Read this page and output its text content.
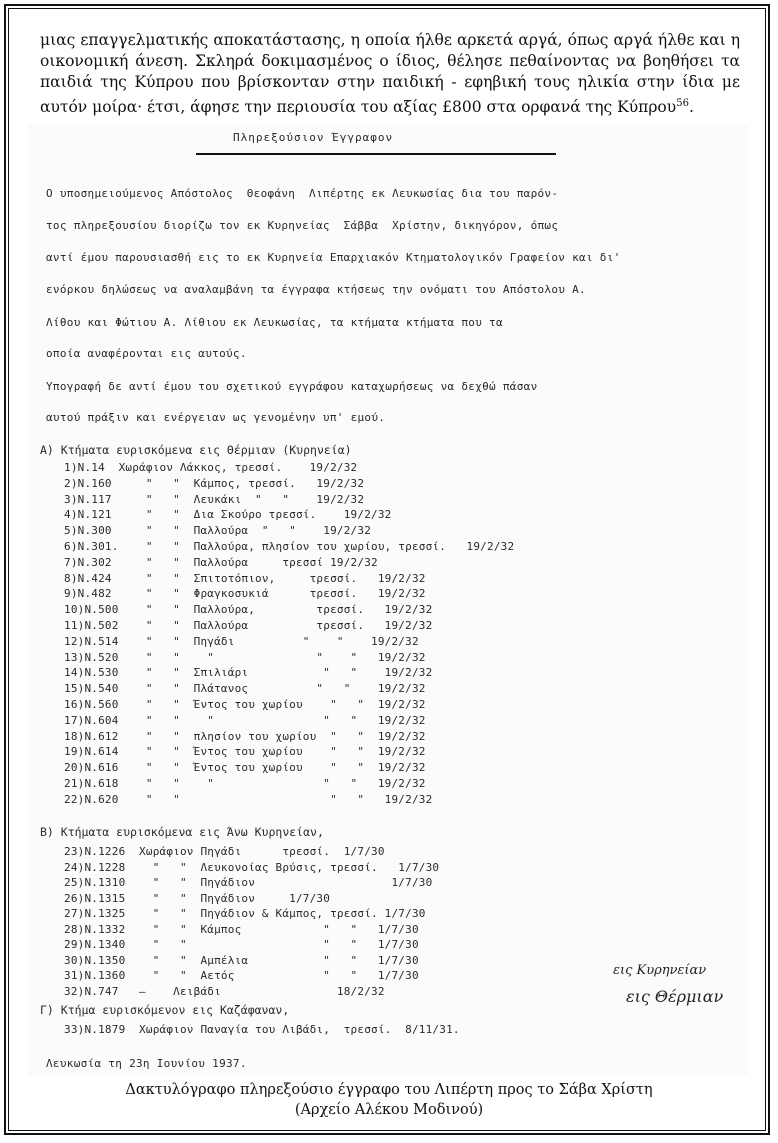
μιας επαγγελματικής αποκατάστασης, η οποία ήλθε αρκετά αργά, όπως αργά ήλθε και η οικονομική άνεση. Σκληρά δοκιμασμένος ο ίδιος, θέλησε πεθαίνοντας να βοηθήσει τα παιδιά της Κύπρου που βρίσκονταν στην παιδική - εφηβική τους ηλικία στην ίδια με αυτόν μοίρα· έτσι, άφησε την περιουσία του αξίας £800 στα ορφανά της Κύπρου$^{56}$.
Πληρεξούσιον Έγγραφον
Ο υποσημειούμενος Απόστολος  Θεοφάνη  Λιπέρτης εκ Λευκωσίας δια του παρόν-
τος πληρεξουσίου διορίζω τον εκ Κυρηνείας  Σάββα  Χρίστην, δικηγόρον, όπως
αντί έμου παρουσιασθή εις το εκ Κυρηνεία Επαρχιακόν Κτηματολογικόν Γραφείον και δι'
ενόρκου δηλώσεως να αναλαμβάνη τα έγγραφα κτήσεως την ονόματι του Απόστολου Α.
Λίθου και Φώτιου Α. Λίθιου εκ Λευκωσίας, τα κτήματα κτήματα που τα
οποία αναφέρονται εις αυτούς.
Υπογραφή δε αντί έμου του σχετικού εγγράφου καταχωρήσεως να δεχθώ πάσαν
αυτού πράξιν και ενέργειαν ως γενομένην υπ' εμού.
Α) Κτήματα ευρισκόμενα εις Θέρμιαν (Κυρηνεία)
1)Ν.14  Χωράφιον Λάκκος, τρεσσί.    19/2/32
2)Ν.160     "   "  Κάμπος, τρεσσί.   19/2/32
3)Ν.117     "   "  Λευκάκι  "   "    19/2/32
4)Ν.121     "   "  Δια Σκούρο τρεσσί.    19/2/32
5)Ν.300     "   "  Παλλούρα  "   "    19/2/32
6)Ν.301.    "   "  Παλλούρα, πλησίον του χωρίου, τρεσσί.   19/2/32
7)Ν.302     "   "  Παλλούρα     τρεσσί 19/2/32
8)Ν.424     "   "  Σπιτοτόπιον,     τρεσσί.   19/2/32
9)Ν.482     "   "  Φραγκοσυκιά      τρεσσί.   19/2/32
10)Ν.500    "   "  Παλλούρα,         τρεσσί.   19/2/32
11)Ν.502    "   "  Παλλούρα          τρεσσί.   19/2/32
12)Ν.514    "   "  Πηγάδι          "    "    19/2/32
13)Ν.520    "   "    "               "    "   19/2/32
14)Ν.530    "   "  Σπιλιάρι           "   "    19/2/32
15)Ν.540    "   "  Πλάτανος          "   "    19/2/32
16)Ν.560    "   "  Έντος του χωρίου    "   "  19/2/32
17)Ν.604    "   "    "                "   "   19/2/32
18)Ν.612    "   "  πλησίον του χωρίου  "   "  19/2/32
19)Ν.614    "   "  Έντος του χωρίου    "   "  19/2/32
20)Ν.616    "   "  Έντος του χωρίου    "   "  19/2/32
21)Ν.618    "   "    "                "   "   19/2/32
22)Ν.620    "   "                      "   "   19/2/32
Β) Κτήματα ευρισκόμενα εις Άνω Κυρηνείαν,
23)Ν.1226  Χωράφιον Πηγάδι      τρεσσί.  1/7/30
24)Ν.1228    "   "  Λευκονοίας Βρύσις, τρεσσί.   1/7/30
25)Ν.1310    "   "  Πηγάδιον                    1/7/30
26)Ν.1315    "   "  Πηγάδιον     1/7/30
27)Ν.1325    "   "  Πηγάδιον & Κάμπος, τρεσσί. 1/7/30
28)Ν.1332    "   "  Κάμπος            "   "   1/7/30
29)Ν.1340    "   "                    "   "   1/7/30
30)Ν.1350    "   "  Αμπέλια           "   "   1/7/30
31)Ν.1360    "   "  Αετός             "   "   1/7/30
32)Ν.747   —    Λειβάδι                 18/2/32
εις Κυρηνείαν
εις Θέρμιαν
Γ) Κτήμα ευρισκόμενον εις Καζάφαναν,
33)Ν.1879  Χωράφιον Παναγία του Λιβάδι,  τρεσσί.  8/11/31.
Λευκωσία τη 23η Ιουνίου 1937.
Δακτυλόγραφο πληρεξούσιο έγγραφο του Λιπέρτη προς το Σάβα Χρίστη
(Αρχείο Αλέκου Μοδινού)
